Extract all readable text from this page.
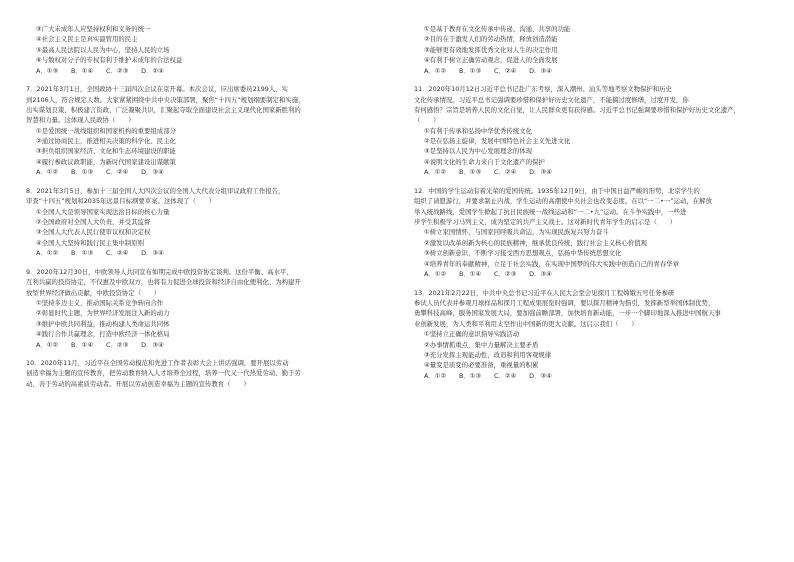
③广大未成年人应坚持权利和义务的统一
④社会主义民主是真实最管用的民主
⑤最高人民法院以人民为中心，坚持人民的立场
⑥与数权对分子的专权有利于维护未成年的合法权益
A．①③　　B．①④　　C．②③　　D．②④
7．2021年3月1日，全国政协十三届四次会议在京开幕。本次会议，应出席委员2199人，实
到2106人，符合规定人数。大家紧紧围绕中共中央决策部署，聚焦“十四五”规划纲要制定和实施，
出实谋划良策，积极建言资政，广泛凝聚共识，汇聚起夺取全面建设社会主义现代化国家新胜利的
智慧和力量。这体现人民政协（　　）
①是爱国统一战线组织和国家机构的重要组成部分
②通过协商民主，推进相关决策的科学化、民主化
③担负组织国家经济、文化和生态环境建设的职能
④履行参政议政职能，为新时代国家建设出谋献策
A．①②　　B．①③　　C．②④　　D．③④
8．2021年3月5日，参加十三届全国人大四次会议的全国人大代表分组审议政府工作报告，
审查“十四五”规划和2035年远景目标纲要草案。这体现了（　　）
①全国人大是领导国家实现法治目标的核心力量
②全国政府对全国人大负责，并受其监督
③全国人大代表人民行使审议权和决定权
④全国人大坚持和践行民主集中制原则
A．①②　　B．①③　　C．②④　　D．③④
9．2020年12月30日，中欧领导人共同宣布如期完成中欧投资协定谈判。这份平衡、高水平、
互利共赢的投资协定，不仅惠及中欧双方，也将有力促进全球投资和经济自由化便利化、为构建开
放型世界经济做出贡献，中欧投资协定（　　）
①坚持多边主义，推动国际关系竞争转向合作
②彰显时代主题，为世界经济发展注入新的动力
③维护中欧共同利益，推动构建人类命运共同体
④践行合作共赢理念，打造中欧经济一体化格局
A．①②　　B．①④　　C．②③　　D．③④
10．2020年11月，习近平在全国劳动模范和先进工作者表彰大会上讲话强调，要开展以劳动
创造幸福为主题的宣传教育，把劳动教育纳入人才培养全过程，培养一代又一代热爱劳动、勤于劳
动、善于劳动的高素质劳动者。开展以劳动创造幸福为主题的宣传教育（　　）
①是基于教育在文化传承中传递、沟通、共享的功能
②目的在于激发人们的劳动热情，释放创造潜能
③能够更有效地发挥优秀文化对人生的决定作用
④有利于树立正确劳动观念，促进人的全面发展
A．①②　　B．①③　　C．②④　　D．③④
11．2020年10月12日习近平总书记赴广东考察，深入潮州、汕头等地考察文物保护和历史
文化传承情况。习近平总书记强调要珍惜和保护好历史文化遗产，不能搞过度修缮，过度开发，你
有何感悟？宗旨是培养人民的文化自觉，让人民群众更有获得感。习近平总书记强调要珍惜和保护好历史文化遗产，
（　　）
①有利于传承和弘扬中华优秀传统文化
②是在弘扬主旋律，发展中国特色社会主义先进文化
③是坚持以人民为中心发展理念的体现
④说明文化的生命力来自于文化遗产的保护
A．①②　　B．①③　　C．②④　　D．③④
12．中国的学生运动有着光荣的爱国传统。1935年12月9日，由于中国日益严峻的形势，北京学生的
组织了请愿游行，并要求制止内战，学生运动的高潮使中央社会也改变态度。在以“一二•一”运动，在解放
举入统战路线，爱国学生掀起了抗日民族统一战线运动和“一二•九”运动。在斗争实践中，一些进
步学生积极学习马列主义，成为坚定的共产主义战士。这对新时代青年学生的启示是（　　）
①树立家国情怀，与国家同呼吸共命运，为实现民族复兴努力奋斗
②激发以改革创新为核心的民族精神，继承优良传统，践行社会主义核心价值观
③树立创新意识，不断学习接受西方思想观点，弘扬中华传统思想文化
④培养青年的奉献精神，立足于社会实践，在实现中国梦的伟大实践中创造自己的青春华章
A．①②　　B．①④　　C．②③　　D．③④
13．2021年2月22日，中共中央总书记习近平在人民大会堂会见探月工程嫦娥五号任务参研
参试人员代表并参观月球样品和探月工程成果展览时强调，要以探月精神为指引，发挥新型举国体制优势，
勇攀科技高峰，服务国家发展大局，要加强前瞻部署，加快培育新动能，一步一个脚印地深入推进中国航天事
业创新发展，为人类和平利用太空作出中国新的更大贡献。这启示我们（　　）
①坚持立正确的意识指导实践活动
②办事情抓重点，集中力量解决主要矛盾
③充分发挥主观能动性，改造和利用客观规律
④量变是质变的必要准备，重视量的积累
A．①②　　B．①③　　C．②④　　D．③④
